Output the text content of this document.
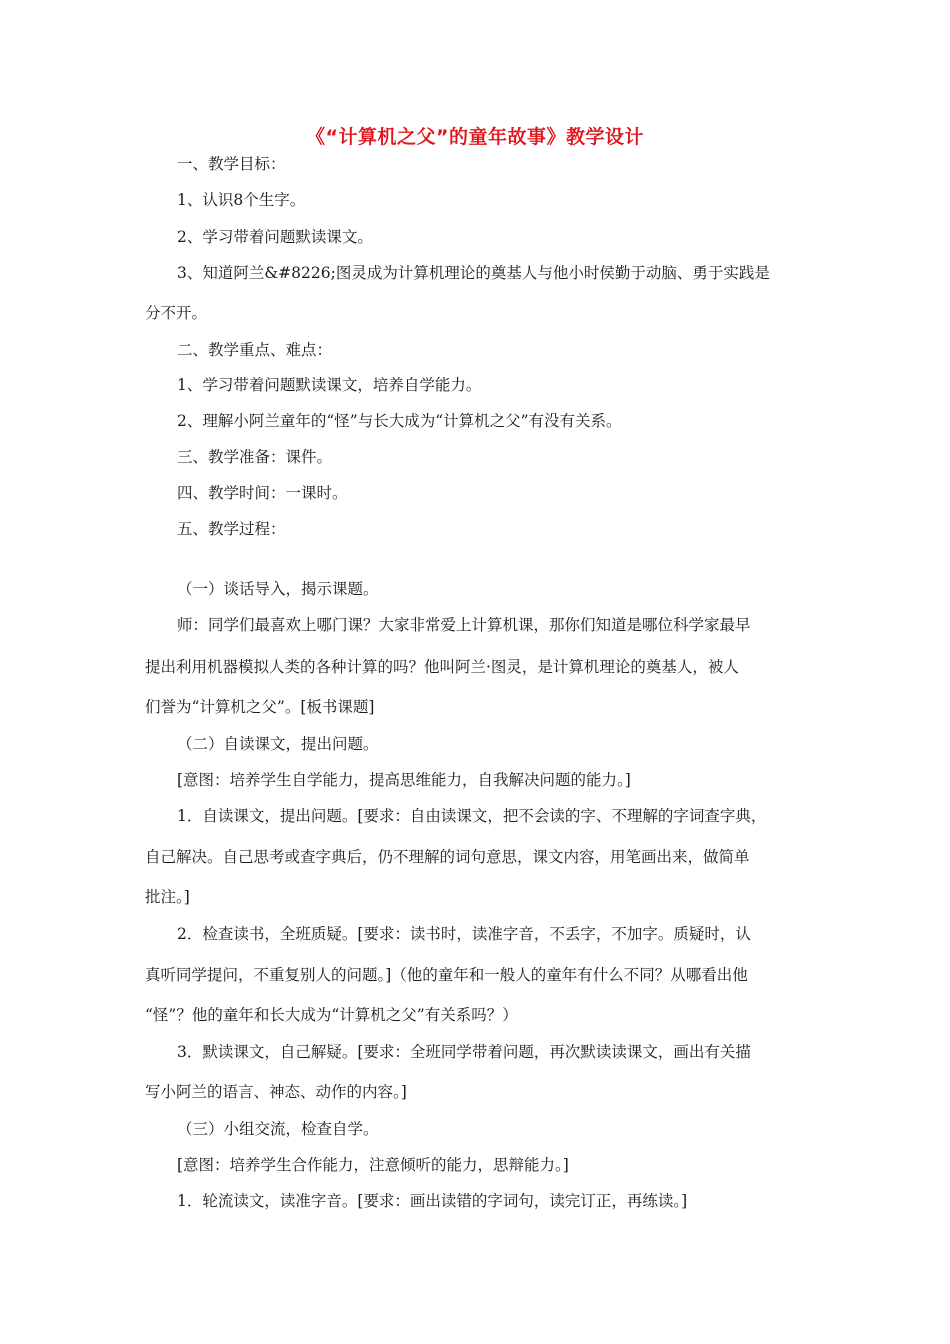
《“计算机之父”的童年故事》教学设计
一、教学目标：
1、认识8个生字。
2、学习带着问题默读课文。
3、知道阿兰&#8226;图灵成为计算机理论的奠基人与他小时侯勤于动脑、勇于实践是
分不开。
二、教学重点、难点：
1、学习带着问题默读课文，培养自学能力。
2、理解小阿兰童年的“怪”与长大成为“计算机之父”有没有关系。
三、教学准备：课件。
四、教学时间：一课时。
五、教学过程：
（一）谈话导入，揭示课题。
师：同学们最喜欢上哪门课？大家非常爱上计算机课，那你们知道是哪位科学家最早
提出利用机器模拟人类的各种计算的吗？他叫阿兰·图灵，是计算机理论的奠基人，被人
们誉为“计算机之父”。[板书课题]
（二）自读课文，提出问题。
[意图：培养学生自学能力，提高思维能力，自我解决问题的能力。]
1．自读课文，提出问题。[要求：自由读课文，把不会读的字、不理解的字词查字典，
自己解决。自己思考或查字典后，仍不理解的词句意思，课文内容，用笔画出来，做简单
批注。]
2．检查读书，全班质疑。[要求：读书时，读准字音，不丢字，不加字。质疑时，认
真听同学提问，不重复别人的问题。]（他的童年和一般人的童年有什么不同？从哪看出他
“怪”？他的童年和长大成为“计算机之父”有关系吗？）
3．默读课文，自己解疑。[要求：全班同学带着问题，再次默读读课文，画出有关描
写小阿兰的语言、神态、动作的内容。]
（三）小组交流，检查自学。
[意图：培养学生合作能力，注意倾听的能力，思辩能力。]
1．轮流读文，读准字音。[要求：画出读错的字词句，读完订正，再练读。]
